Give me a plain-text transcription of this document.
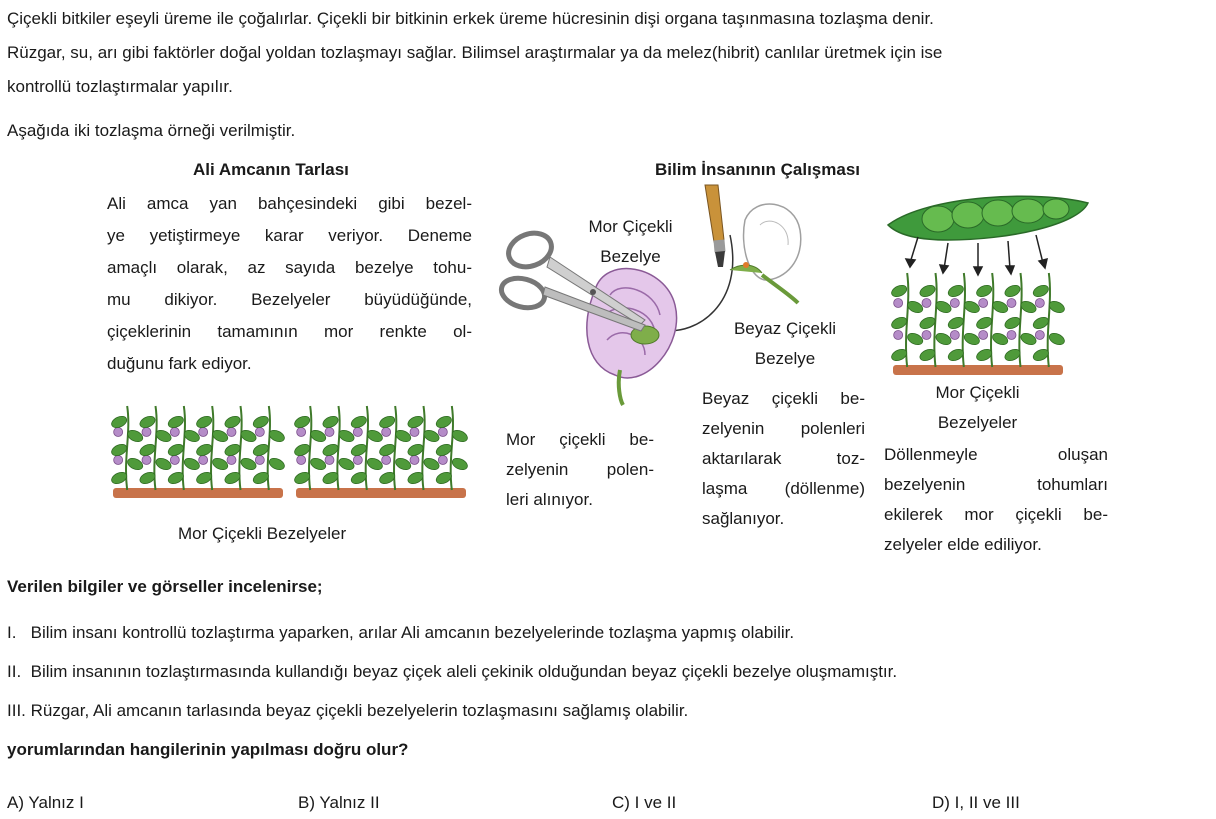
Çiçekli bitkiler eşeyli üreme ile çoğalırlar. Çiçekli bir bitkinin erkek üreme hücresinin dişi organa taşınmasına tozlaşma denir.
Rüzgar, su, arı gibi faktörler doğal yoldan tozlaşmayı sağlar. Bilimsel araştırmalar ya da melez(hibrit) canlılar üretmek için ise
kontrollü tozlaştırmalar yapılır.
Aşağıda iki tozlaşma örneği verilmiştir.
Ali Amcanın Tarlası
Ali amca yan bahçesindeki gibi bezel-
ye yetiştirmeye karar veriyor. Deneme
amaçlı olarak, az sayıda bezelye tohu-
mu dikiyor. Bezelyeler büyüdüğünde,
çiçeklerinin tamamının mor renkte ol-
duğunu fark ediyor.
Mor Çiçekli Bezelyeler
Bilim İnsanının Çalışması
Mor Çiçekli
Bezelye
Beyaz Çiçekli
Bezelye
Mor Çiçekli
Bezelyeler
Mor çiçekli be-
zelyenin polen-
leri alınıyor.
Beyaz çiçekli be-
zelyenin polenleri
aktarılarak toz-
laşma (döllenme)
sağlanıyor.
Döllenmeyle oluşan
bezelyenin tohumları
ekilerek mor çiçekli be-
zelyeler elde ediliyor.
Verilen bilgiler ve görseller incelenirse;
I.   Bilim insanı kontrollü tozlaştırma yaparken, arılar Ali amcanın bezelyelerinde tozlaşma yapmış olabilir.
II.  Bilim insanının tozlaştırmasında kullandığı beyaz çiçek aleli çekinik olduğundan beyaz çiçekli bezelye oluşmamıştır.
III. Rüzgar, Ali amcanın tarlasında beyaz çiçekli bezelyelerin tozlaşmasını sağlamış olabilir.
yorumlarından hangilerinin yapılması doğru olur?
A) Yalnız I	B) Yalnız II	C) I ve II	D) I, II ve III
